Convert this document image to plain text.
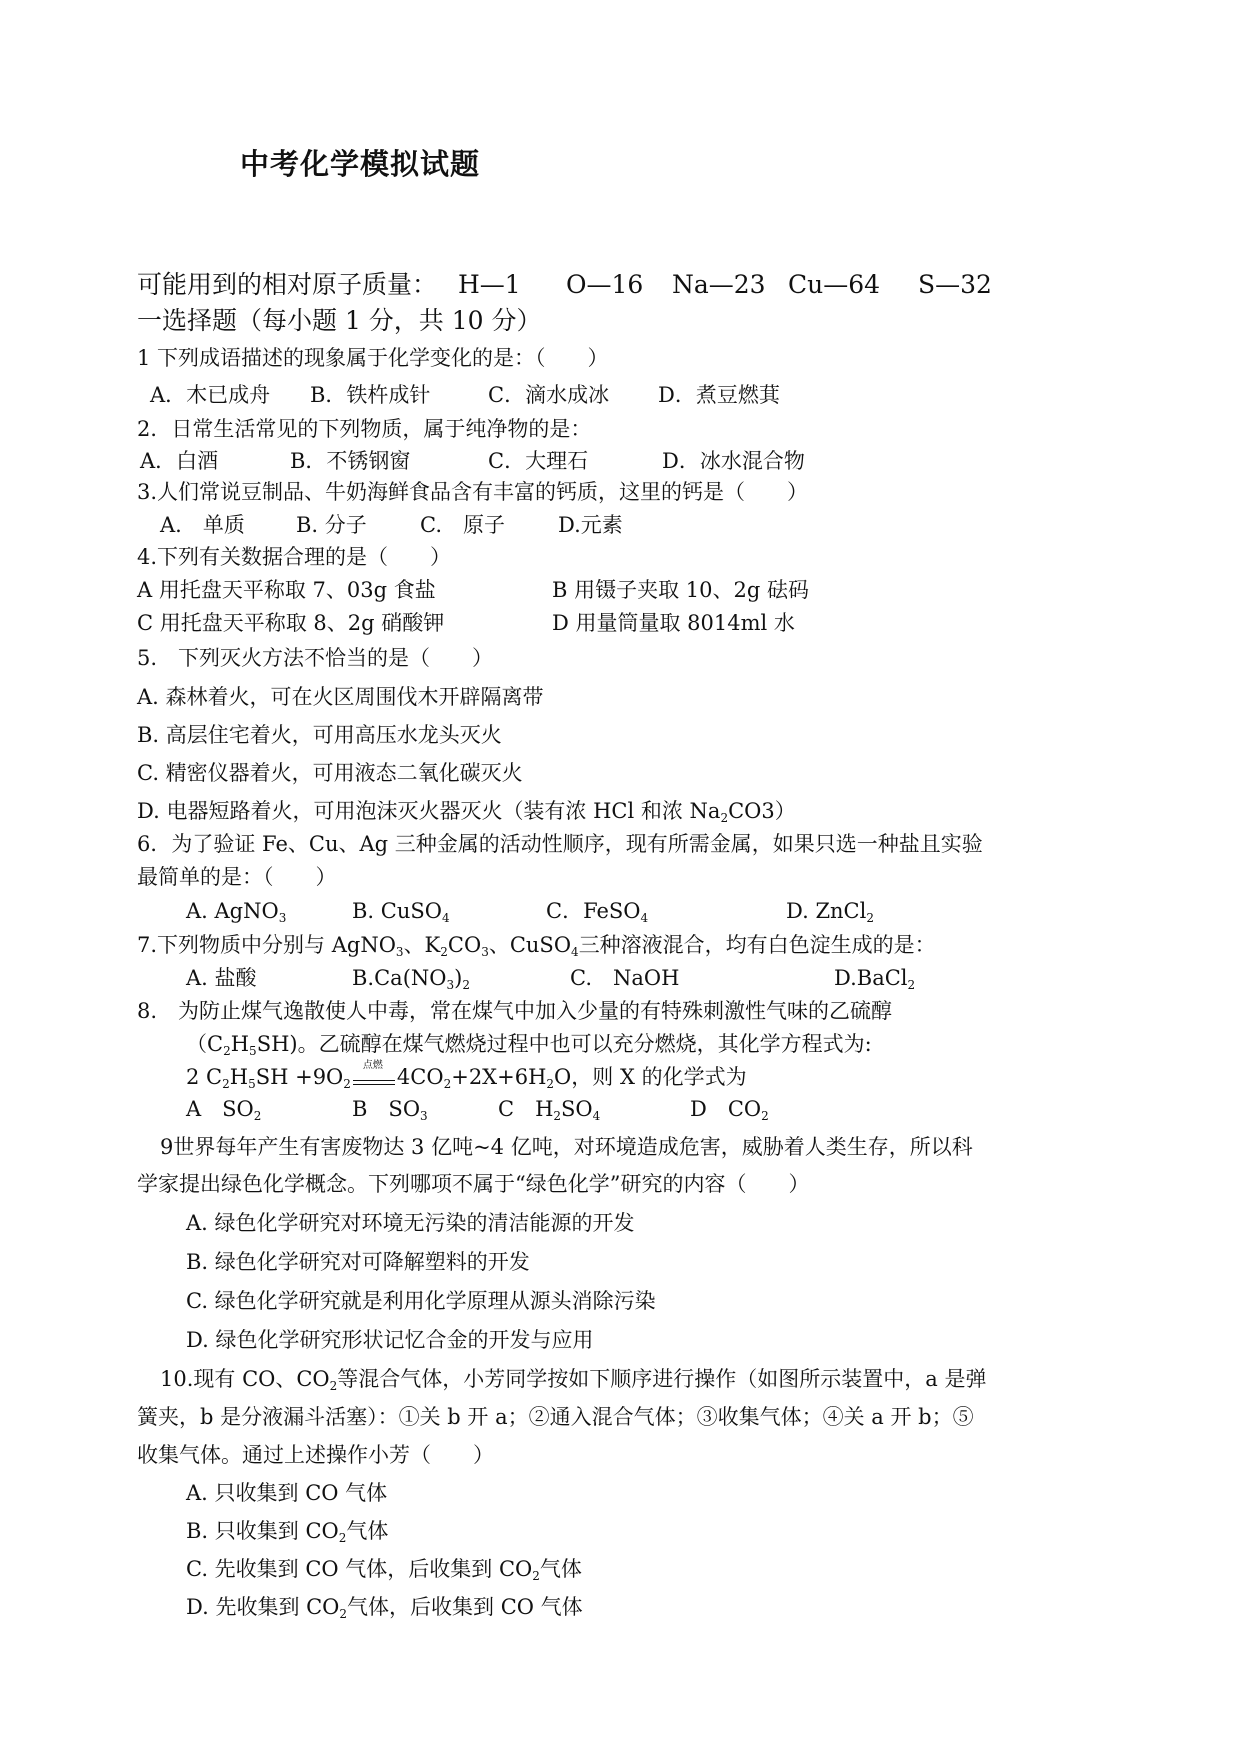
中考化学模拟试题
可能用到的相对原子质量： H—1 O—16 Na—23 Cu—64 S—32
一选择题（每小题 1 分，共 10 分）
1 下列成语描述的现象属于化学变化的是：（　　）
A．木已成舟 B．铁杵成针	C．滴水成冰 D．煮豆燃萁
2．日常生活常见的下列物质，属于纯净物的是：
A．白酒	B．不锈钢窗	C．大理石	D．冰水混合物
3.人们常说豆制品、牛奶海鲜食品含有丰富的钙质，这里的钙是（　　）
A.　单质 B. 分子	C.　原子	D.元素
4.下列有关数据合理的是（　　）
A 用托盘天平称取 7、03g 食盐	B 用镊子夹取 10、2g 砝码
C 用托盘天平称取 8、2g 硝酸钾	D 用量筒量取 8014ml 水
5.　下列灭火方法不恰当的是（　　）
A. 森林着火，可在火区周围伐木开辟隔离带
B. 高层住宅着火，可用高压水龙头灭火
C. 精密仪器着火，可用液态二氧化碳灭火
D. 电器短路着火，可用泡沫灭火器灭火（装有浓 HCl 和浓 $Na_2CO3$）
6．为了验证 Fe、Cu、Ag 三种金属的活动性顺序，现有所需金属，如果只选一种盐且实验
最简单的是：（　　）
A. AgNO$_3$	B. CuSO$_4$	C．FeSO$_4$	D. ZnCl$_2$
7.下列物质中分别与 AgNO$_3$、$K_2CO_3$、CuSO$_4$三种溶液混合，均有白色淀生成的是：
A. 盐酸	$B.Ca(NO_3)_2$	C.　NaOH	D.BaCl$_2$
8.　为防止煤气逸散使人中毒，常在煤气中加入少量的有特殊刺激性气味的乙硫醇
$(C_2H_5SH)$。乙硫醇在煤气燃烧过程中也可以充分燃烧，其化学方程式为:
2 $C_2H_5SH +9O_2$
点燃 $4CO_2+2X+6H_2O$，则 X 的化学式为
A　$SO_2$	B　$SO_3$	C　$H_2SO_4$	D　$CO_2$
9世界每年产生有害废物达 3 亿吨~4 亿吨，对环境造成危害，威胁着人类生存，所以科
学家提出绿色化学概念。下列哪项不属于“绿色化学”研究的内容（　　）
A. 绿色化学研究对环境无污染的清洁能源的开发
B. 绿色化学研究对可降解塑料的开发
C. 绿色化学研究就是利用化学原理从源头消除污染
D. 绿色化学研究形状记忆合金的开发与应用
10.现有 CO、$CO_2$等混合气体，小芳同学按如下顺序进行操作（如图所示装置中，a 是弹
簧夹，b 是分液漏斗活塞）：①关 b 开 a；②通入混合气体；③收集气体；④关 a 开 b；⑤
收集气体。通过上述操作小芳（　　）
A. 只收集到 CO 气体
B. 只收集到 $CO_2$气体
C. 先收集到 CO 气体，后收集到 $CO_2$气体
D. 先收集到 $CO_2$气体，后收集到 CO 气体
